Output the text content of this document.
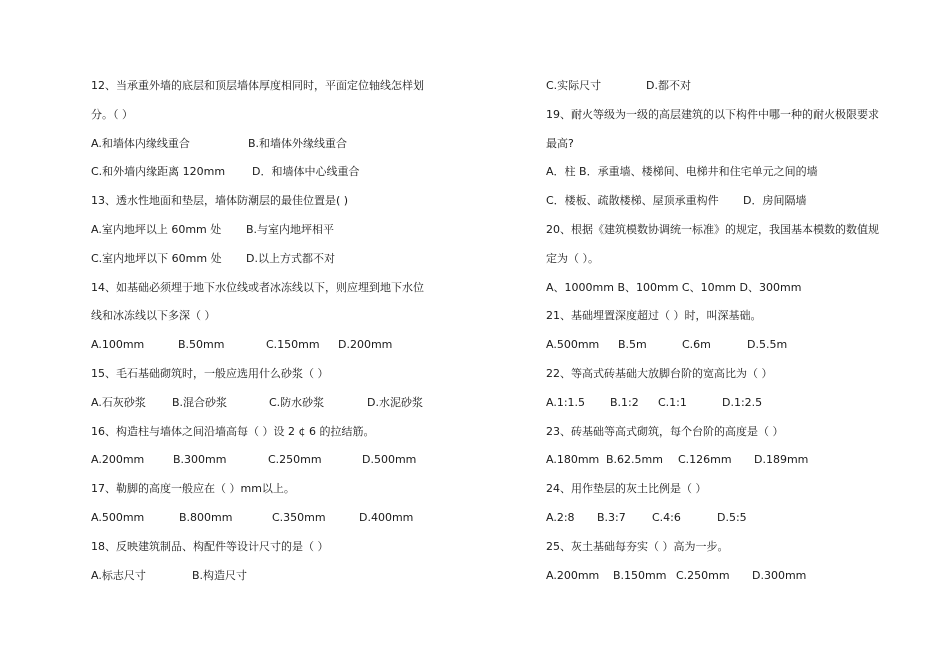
12、当承重外墙的底层和顶层墙体厚度相同时，平面定位轴线怎样划
分。（ ）
A.和墙体内缘线重合	B.和墙体外缘线重合
C.和外墙内缘距离 120mm D．和墙体中心线重合
13、透水性地面和垫层，墙体防潮层的最佳位置是( )
A.室内地坪以上 60mm 处 B.与室内地坪相平
C.室内地坪以下 60mm 处 D.以上方式都不对
14、如基础必须埋于地下水位线或者冰冻线以下，则应埋到地下水位
线和冰冻线以下多深（ ）
A.100mm	B.50mm	C.150mm D.200mm
15、毛石基础砌筑时，一般应选用什么砂浆（ ）
A.石灰砂浆 B.混合砂浆	C.防水砂浆	D.水泥砂浆
16、构造柱与墙体之间沿墙高每（ ）设 2 ¢ 6 的拉结筋。
A.200mm	B.300mm	C.250mm	D.500mm
17、勒脚的高度一般应在（ ）mm以上。
A.500mm	B.800mm	C.350mm	D.400mm
18、反映建筑制品、构配件等设计尺寸的是（ ）
A.标志尺寸	B.构造尺寸
C.实际尺寸	D.都不对
19、耐火等级为一级的高层建筑的以下构件中哪一种的耐火极限要求
最高?
A．柱 B．承重墙、楼梯间、电梯井和住宅单元之间的墙
C．楼板、疏散楼梯、屋顶承重构件 D．房间隔墙
20、根据《建筑模数协调统一标准》的规定，我国基本模数的数值规
定为（ ）。
A、1000mm B、100mm C、10mm D、300mm
21、基础埋置深度超过（ ）时，叫深基础。
A.500mm B.5m	C.6m	D.5.5m
22、等高式砖基础大放脚台阶的宽高比为（ ）
A.1:1.5 B.1:2 C.1:1	D.1:2.5
23、砖基础等高式砌筑，每个台阶的高度是（ ）
A.180mm B.62.5mm C.126mm D.189mm
24、用作垫层的灰土比例是（ ）
A.2:8 B.3:7 C.4:6	D.5:5
25、灰土基础每夯实（ ）高为一步。
A.200mm B.150mm C.250mm D.300mm
